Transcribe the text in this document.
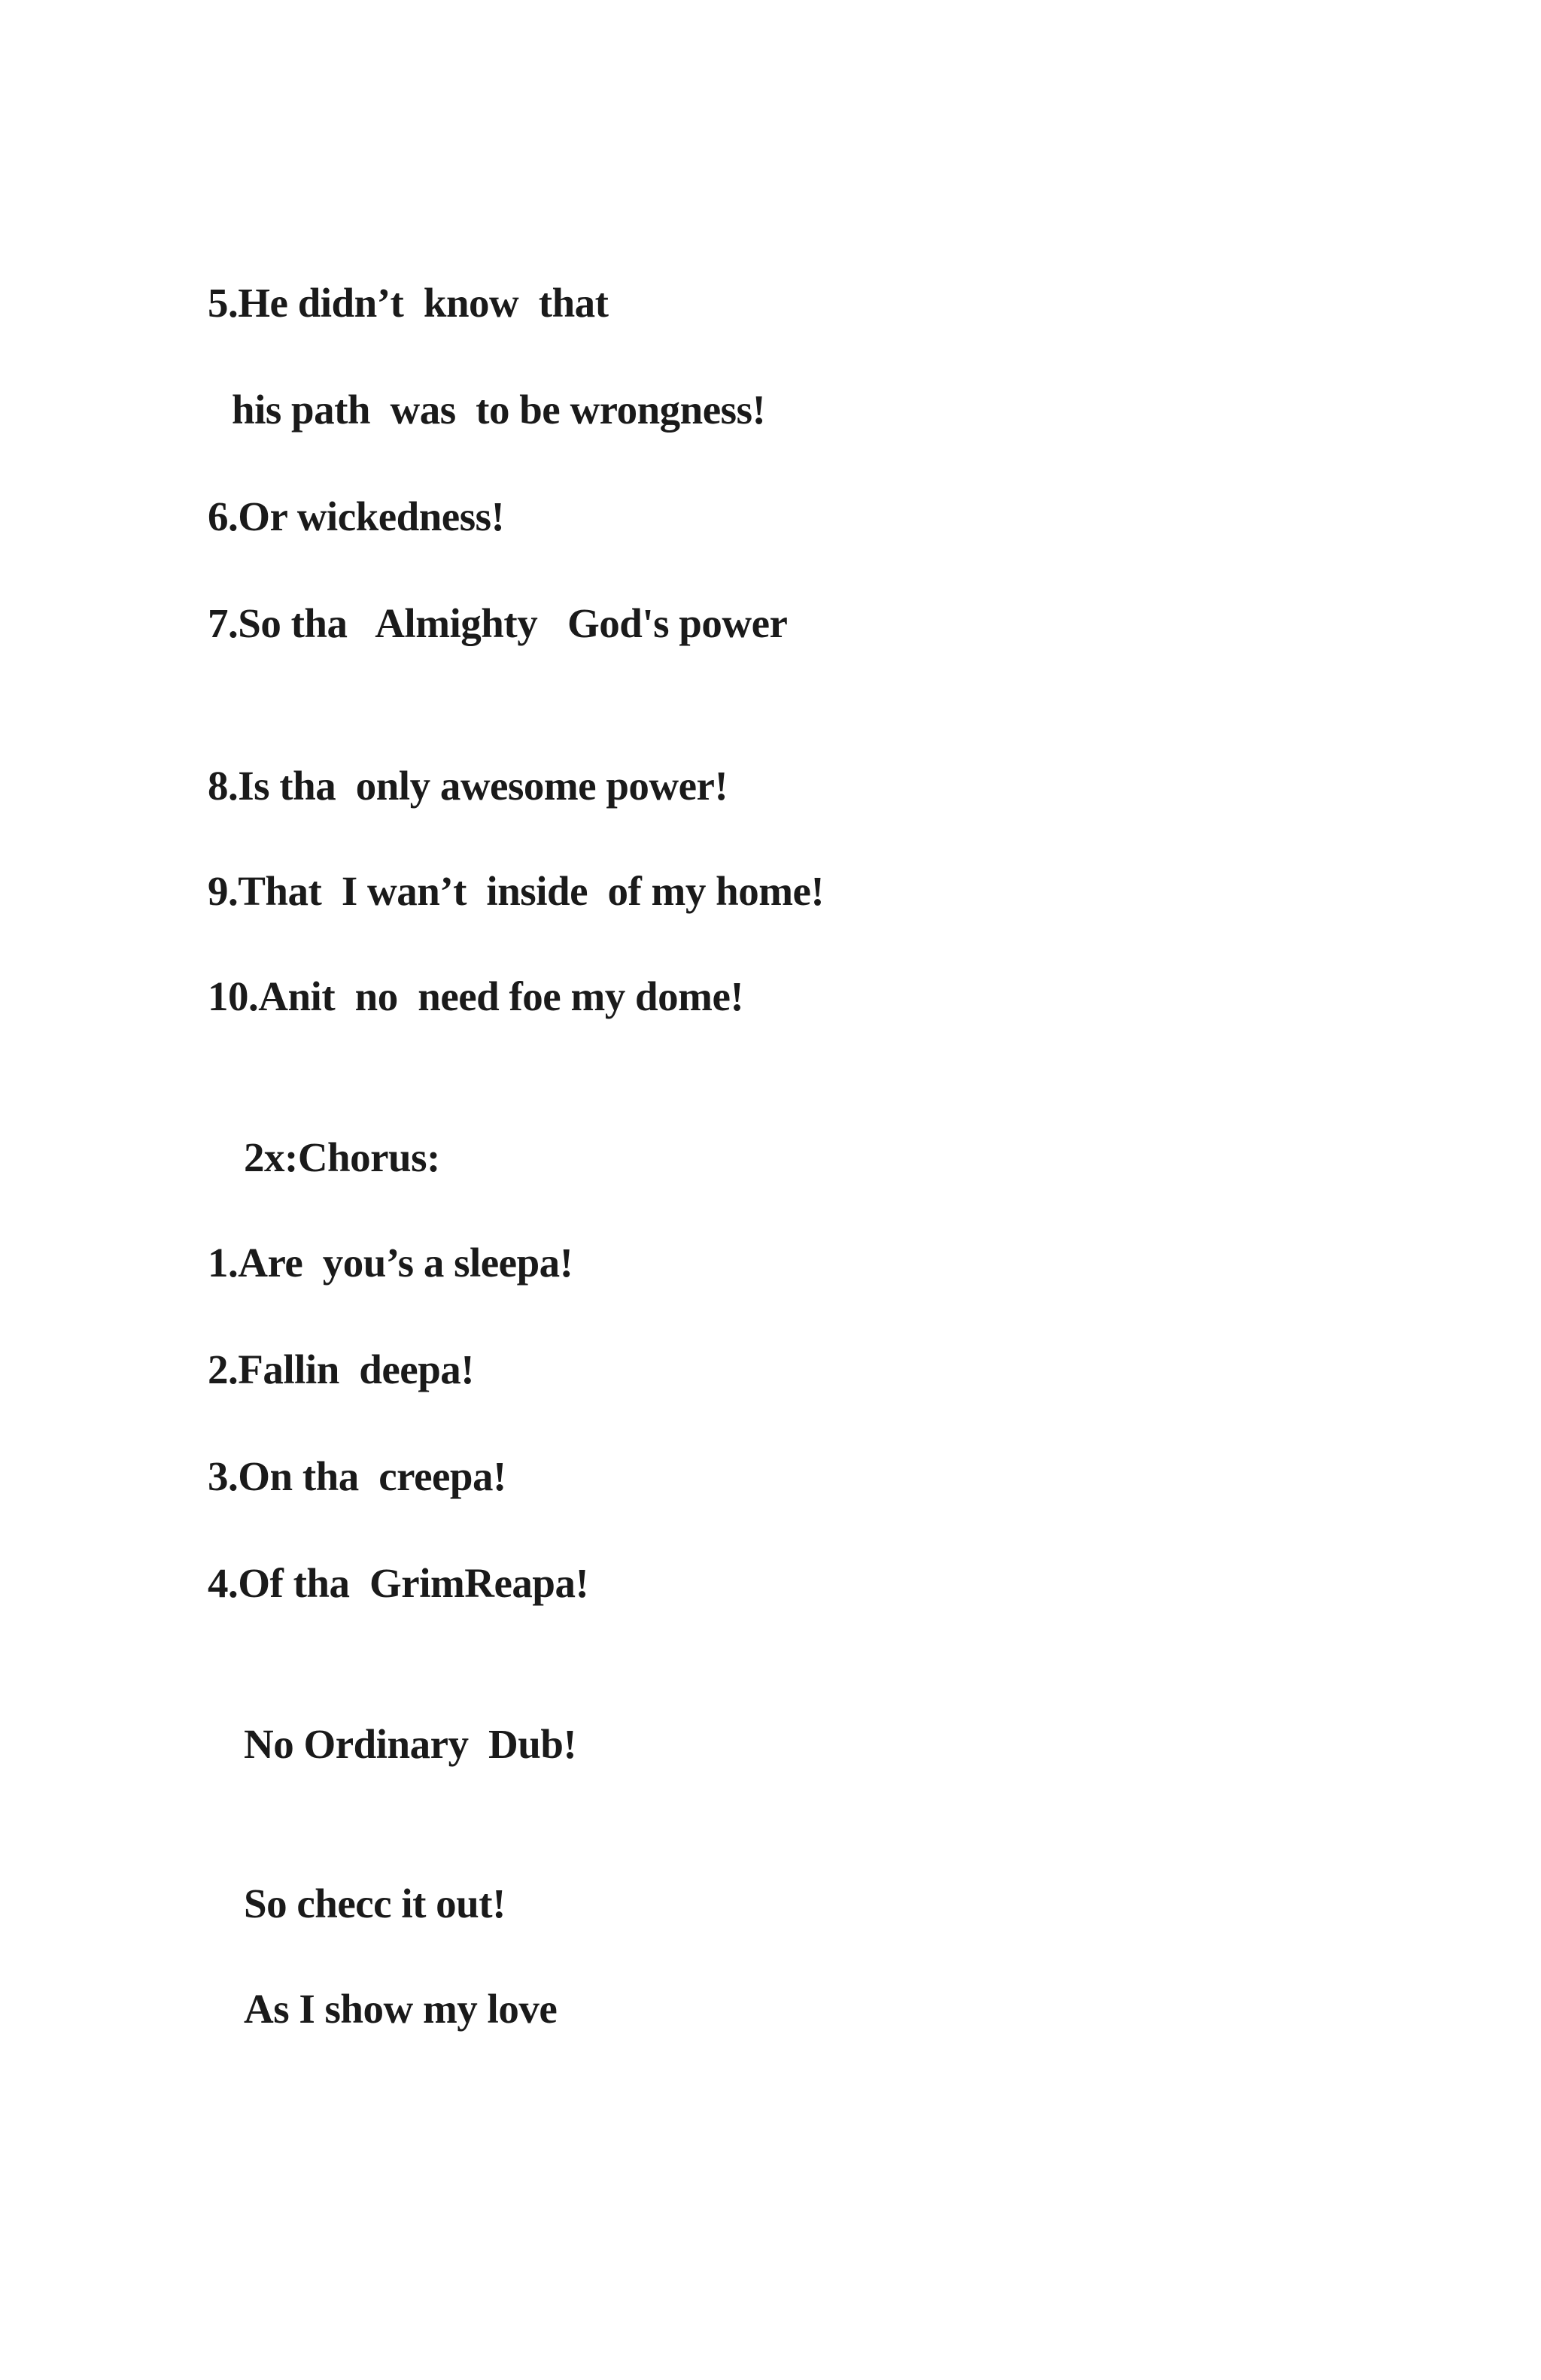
5.He didn’t  know  that
his path  was  to be wrongness!
6.Or wickedness!
7.So tha   Almighty   God's power
8.Is tha  only awesome power!
9.That  I wan’t  inside  of my home!
10.Anit  no  need foe my dome!
2x:Chorus:
1.Are  you’s a sleepa!
2.Fallin  deepa!
3.On tha  creepa!
4.Of tha  GrimReapa!
No Ordinary  Dub!
So checc it out!
As I show my love
